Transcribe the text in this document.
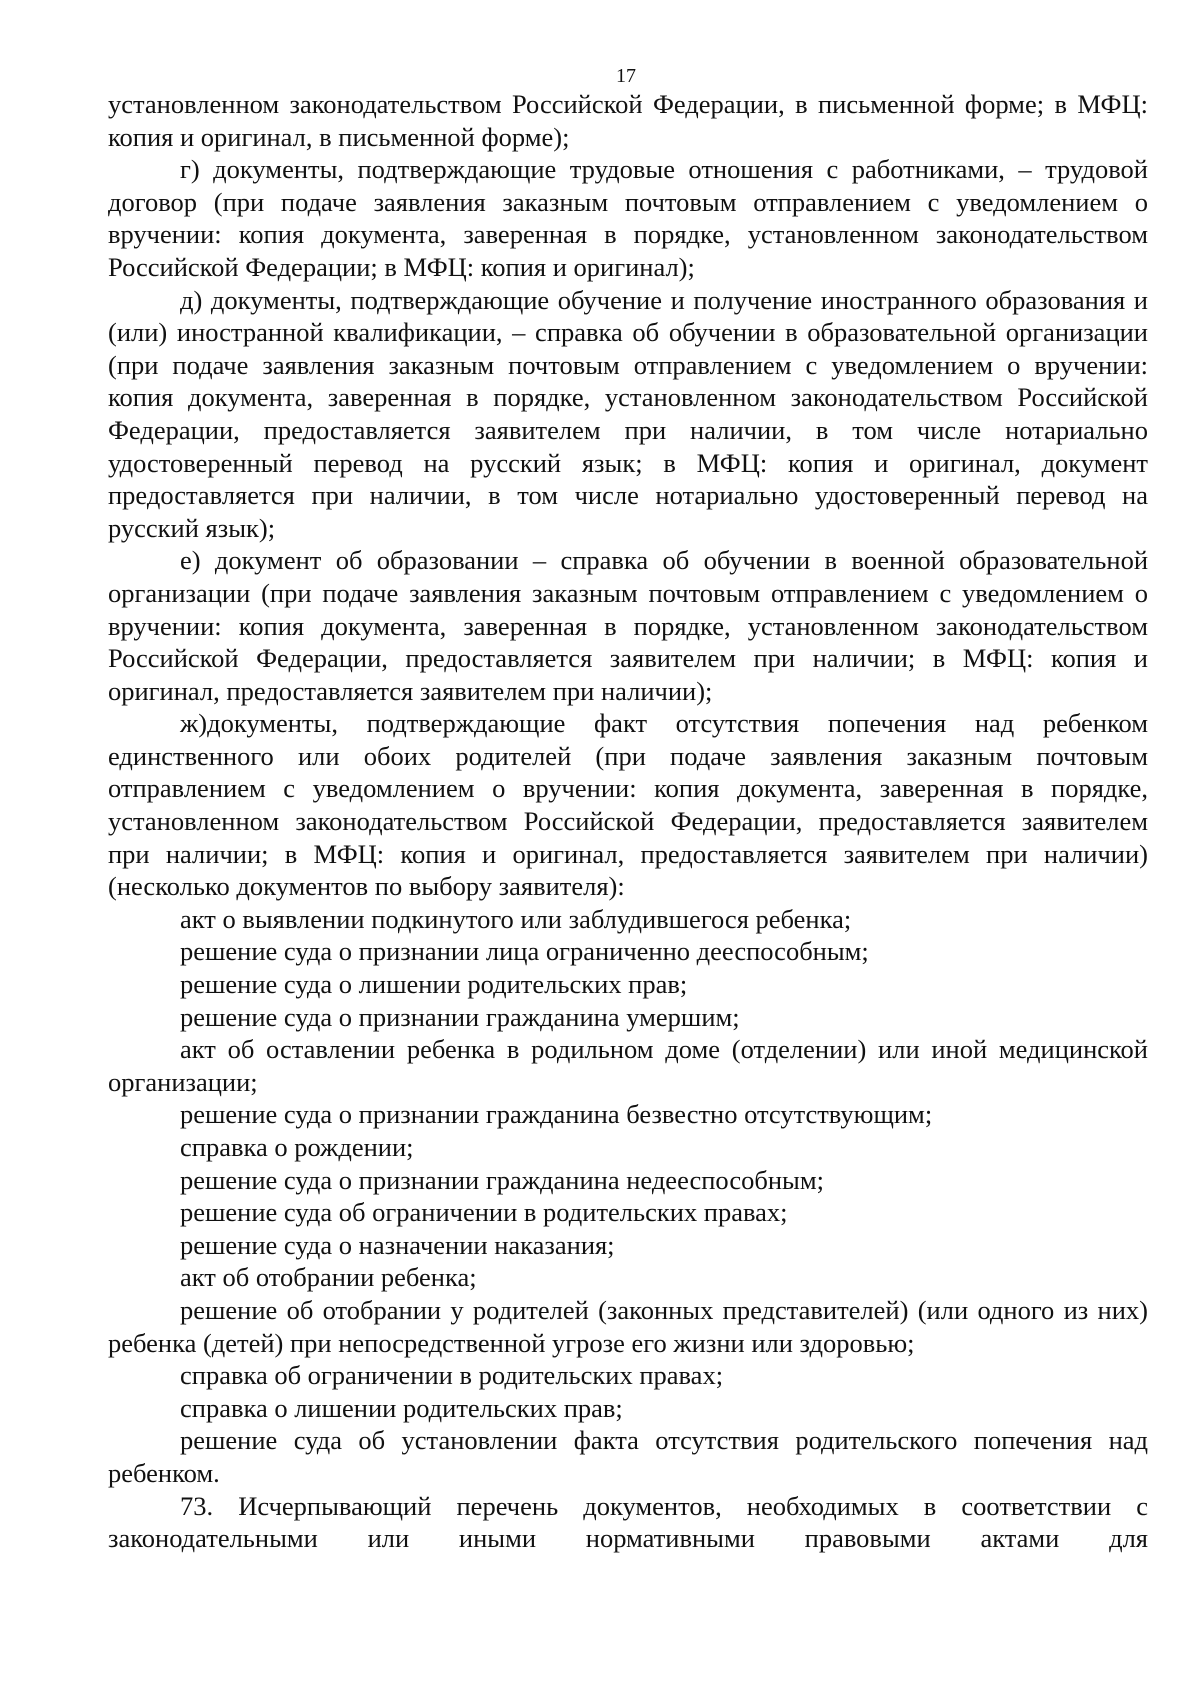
17

установленном законодательством Российской Федерации, в письменной форме; в МФЦ: копия и оригинал, в письменной форме);

г) документы, подтверждающие трудовые отношения с работниками, – трудовой договор (при подаче заявления заказным почтовым отправлением с уведомлением о вручении: копия документа, заверенная в порядке, установленном законодательством Российской Федерации; в МФЦ: копия и оригинал);

д) документы, подтверждающие обучение и получение иностранного образования и (или) иностранной квалификации, – справка об обучении в образовательной организации (при подаче заявления заказным почтовым отправлением с уведомлением о вручении: копия документа, заверенная в порядке, установленном законодательством Российской Федерации, предоставляется заявителем при наличии, в том числе нотариально удостоверенный перевод на русский язык; в МФЦ: копия и оригинал, документ предоставляется при наличии, в том числе нотариально удостоверенный перевод на русский язык);

е) документ об образовании – справка об обучении в военной образовательной организации (при подаче заявления заказным почтовым отправлением с уведомлением о вручении: копия документа, заверенная в порядке, установленном законодательством Российской Федерации, предоставляется заявителем при наличии; в МФЦ: копия и оригинал, предоставляется заявителем при наличии);

ж)документы, подтверждающие факт отсутствия попечения над ребенком единственного или обоих родителей (при подаче заявления заказным почтовым отправлением с уведомлением о вручении: копия документа, заверенная в порядке, установленном законодательством Российской Федерации, предоставляется заявителем при наличии; в МФЦ: копия и оригинал, предоставляется заявителем при наличии) (несколько документов по выбору заявителя):

акт о выявлении подкинутого или заблудившегося ребенка;

решение суда о признании лица ограниченно дееспособным;

решение суда о лишении родительских прав;

решение суда о признании гражданина умершим;

акт об оставлении ребенка в родильном доме (отделении) или иной медицинской организации;

решение суда о признании гражданина безвестно отсутствующим;

справка о рождении;

решение суда о признании гражданина недееспособным;

решение суда об ограничении в родительских правах;

решение суда о назначении наказания;

акт об отобрании ребенка;

решение об отобрании у родителей (законных представителей) (или одного из них) ребенка (детей) при непосредственной угрозе его жизни или здоровью;

справка об ограничении в родительских правах;

справка о лишении родительских прав;

решение суда об установлении факта отсутствия родительского попечения над ребенком.

73. Исчерпывающий перечень документов, необходимых в соответствии с законодательными или иными нормативными правовыми актами для
